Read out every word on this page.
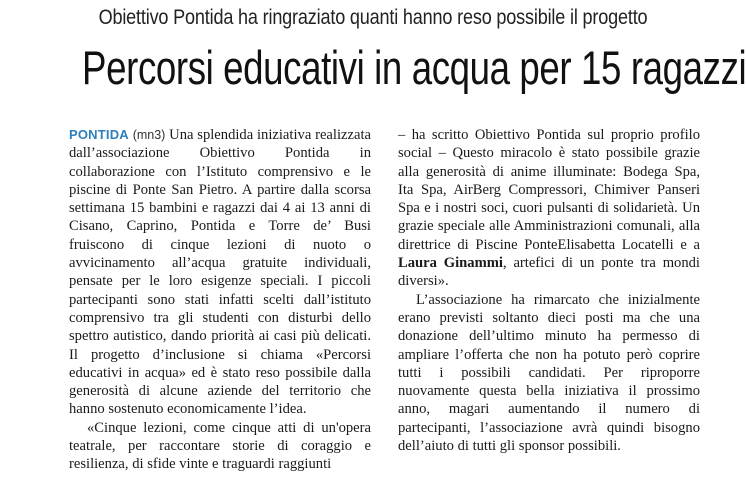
Obiettivo Pontida ha ringraziato quanti hanno reso possibile il progetto
Percorsi educativi in acqua per 15 ragazzi

PONTIDA (mn3) Una splendida iniziativa realizzata dall’associazione Obiettivo Pontida in collaborazione con l’Istituto comprensivo e le piscine di Ponte San Pietro. A partire dalla scorsa settimana 15 bambini e ragazzi dai 4 ai 13 anni di Cisano, Caprino, Pontida e Torre de’ Busi fruiscono di cinque lezioni di nuoto o avvicinamento all’acqua gratuite individuali, pensate per le loro esigenze speciali. I piccoli partecipanti sono stati infatti scelti dall’istituto comprensivo tra gli studenti con disturbi dello spettro autistico, dando priorità ai casi più delicati. Il progetto d’inclusione si chiama «Percorsi educativi in acqua» ed è stato reso possibile dalla generosità di alcune aziende del territorio che hanno sostenuto economicamente l’idea.

«Cinque lezioni, come cinque atti di un'opera teatrale, per raccontare storie di coraggio e resilienza, di sfide vinte e traguardi raggiunti

– ha scritto Obiettivo Pontida sul proprio profilo social – Questo miracolo è stato possibile grazie alla generosità di anime illuminate: Bodega Spa, Ita Spa, AirBerg Compressori, Chimiver Panseri Spa e i nostri soci, cuori pulsanti di solidarietà. Un grazie speciale alle Amministrazioni comunali, alla direttrice di Piscine PonteElisabetta Locatelli e a Laura Ginammi, artefici di un ponte tra mondi diversi».

L’associazione ha rimarcato che inizialmente erano previsti soltanto dieci posti ma che una donazione dell’ultimo minuto ha permesso di ampliare l’offerta che non ha potuto però coprire tutti i possibili candidati. Per riproporre nuovamente questa bella iniziativa il prossimo anno, magari aumentando il numero di partecipanti, l’associazione avrà quindi bisogno dell’aiuto di tutti gli sponsor possibili.
